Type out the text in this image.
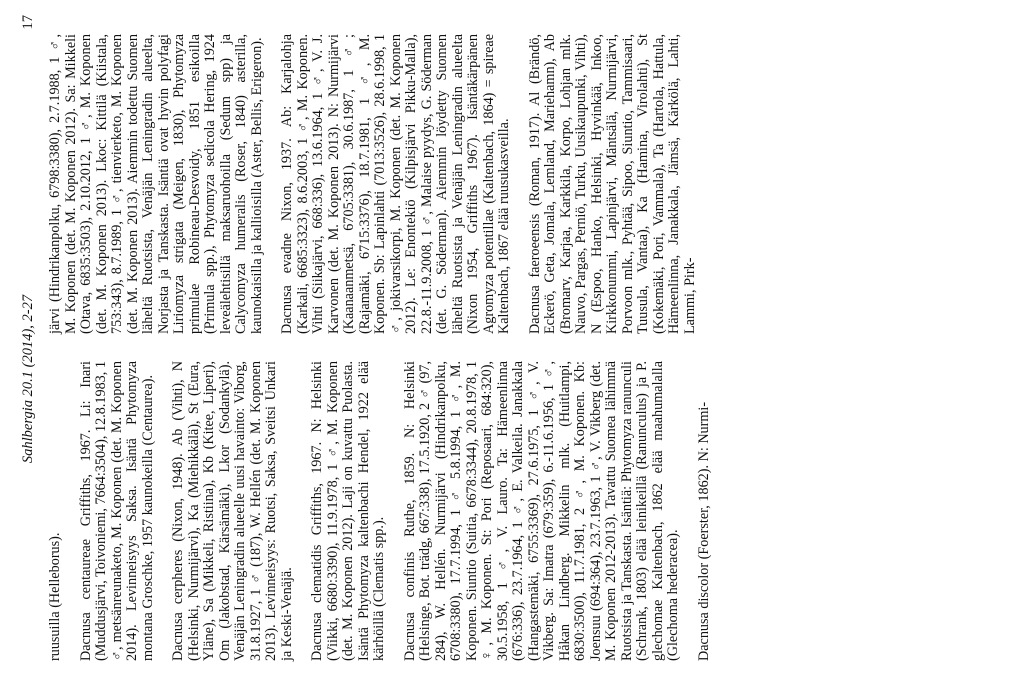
Sahlbergia 20.1 (2014), 2-27
17

ruusuilla (Helleborus). Dacnusa centaureae Griffiths, 1967. Li: Inari (Muddusjärvi, Toivoniemi, 7664:3504), 12.8.1983, 1 ♂, metsänreunaketo, M. Koponen (det. M. Koponen 2014). Levinneisyys Saksa. Isäntä Phytomyza montana Groschke, 1957 kaunokeilla (Centaurea). Dacnusa cerpheres (Nixon, 1948). Ab (Vihti), N (Helsinki, Nurmijärvi), Ka (Miehikkälä), St (Eura, Yläne), Sa (Mikkeli, Ristiina), Kb (Kitee, Liperi), Om (Jakobstad, Kärsämäki), Lkor (Sodankylä). Venäjän Leningradin alueelle uusi havainto: Viborg, 31.8.1927, 1 ♂ (187), W. Hellén (det. M. Koponen 2013). Levinneisyys: Ruotsi, Saksa, Sveitsi Unkari ja Keski-Venäjä. Dacnusa clematidis Griffiths, 1967. N: Helsinki (Viikki, 6680:3390), 11.9.1978, 1 ♂, M. Koponen (det. M. Koponen 2012). Laji on kuvattu Puolasta. Isäntä Phytomyza kaltenbachi Hendel, 1922 elää kärhöillä (Clematis spp.). Dacnusa confinis Ruthe, 1859. N: Helsinki (Helsinge, Bot. trädg, 667:338), 17.5.1920, 2 ♂ (97, 284), W. Hellén. Nurmijärvi (Hindrikanpolku, 6708:3380), 17.7.1994, 1 ♂ 5.8.1994, 1 ♂, M. Koponen. Siuntio (Suitia, 6678:3344), 20.8.1978, 1 ♀, M. Koponen. St: Pori (Reposaari, 684:320), 30.5.1958, 1 ♂, V. Lauro. Ta: Hämeenlinna (676:336), 23.7.1964, 1 ♂, E. Valkeila. Janakkala (Hangastemäki, 6755:3369), 27.6.1975, 1 ♂, V. Vikberg. Sa: Imatra (679:359), 6.-11.6.1956, 1 ♂, Håkan Lindberg. Mikkelin mlk. (Huitlampi, 6830:3500), 11.7.1981, 2 ♂, M. Koponen. Kb: Joensuu (694:364), 23.7.1963, 1 ♂, V. Vikberg (det. M. Koponen 2012-2013). Tavattu Suomea lähimmä Ruotsista ja Tanskasta. Isäntiä: Phytomyza ranunculi (Schrank, 1803) elää leinikeillä (Ranunculus) ja P. glechomae Kaltenbach, 1862 elää maahumalalla (Glechoma hederacea). Dacnusa discolor (Foerster, 1862). N: Nurmi-

järvi (Hindrikanpolku, 6798:3380), 2.7.1988, 1 ♂, M. Koponen (det. M. Koponen 2012). Sa: Mikkeli (Otava, 6835:3503), 2.10.2012, 1 ♂, M. Koponen (det. M. Koponen 2013). Lkoc: Kittilä (Kiistala, 753:343), 8.7.1989, 1 ♂, tienvierketo, M. Koponen (det. M. Koponen 2013). Aiemmin todettu Suomen läheltä Ruotsista, Venäjän Leningradin alueelta, Norjasta ja Tanskasta. Isäntiä ovat hyvin polyfagi Liriomyza strigata (Meigen, 1830), Phytomyza primulae Robineau-Desvoidy, 1851 esikoilla (Primula spp.), Phytomyza sedicola Hering, 1924 leveälehtisillä maksaruohoilla (Sedum spp) ja Calycomyza humeralis (Roser, 1840) asterilla, kaunokaisilla ja kallioisilla (Aster, Bellis, Erigeron). Dacnusa evadne Nixon, 1937. Ab: Karjalohja (Karkali, 6685:3323), 8.6.2003, 1 ♂, M. Koponen. Vihti (Siikajärvi, 668:336), 13.6.1964, 1 ♂, V. J. Karvonen (det. M. Koponen 2013). N: Nurmijärvi (Kaanaanmetsä, 6705:3381), 30.6.1987, 1 ♂; (Rajamäki, 6715:3376), 18.7.1981, 1 ♂, M. Koponen. Sb: Lapinlahti (7013:3526), 28.6.1998, 1 ♂, jokivarsikorpi, M. Koponen (det. M. Koponen 2012). Le: Enontekiö (Kilpisjärvi Pikku-Malla), 22.8.-11.9.2008, 1 ♂, Malaise pyydys, G. Söderman (det. G. Söderman). Aiemmin löydetty Suomen läheltä Ruotsista ja Venäjän Leningradin alueelta (Nixon 1954, Griffiths 1967). Isäntäkärpänen Agromyza potentillae (Kaltenbach, 1864) = spireae Kaltenbach, 1867 elää ruusukasveilla. Dacnusa faeroeensis (Roman, 1917). Al (Brändö, Eckerö, Geta, Jomala, Lemland, Mariehamn), Ab (Bromarv, Karjaa, Karkkila, Korpo, Lohjan mlk. Nauvo, Pargas, Perniö, Turku, Uusikaupunki, Vihti), N (Espoo, Hanko, Helsinki, Hyvinkää, Inkoo, Kirkkonummi, Lapinjärvi, Mäntsälä, Nurmijärvi, Porvoon mlk., Pyhtää, Sipoo, Siuntio, Tammisaari, Tuusula, Vantaa), Ka (Hamina, Virolahti), St (Kokemäki, Pori, Vammala), Ta (Hartola, Hattula, Hämeenlinna, Janakkala, Jämsä, Kärkölä, Lahti, Lammi, Pirk-
